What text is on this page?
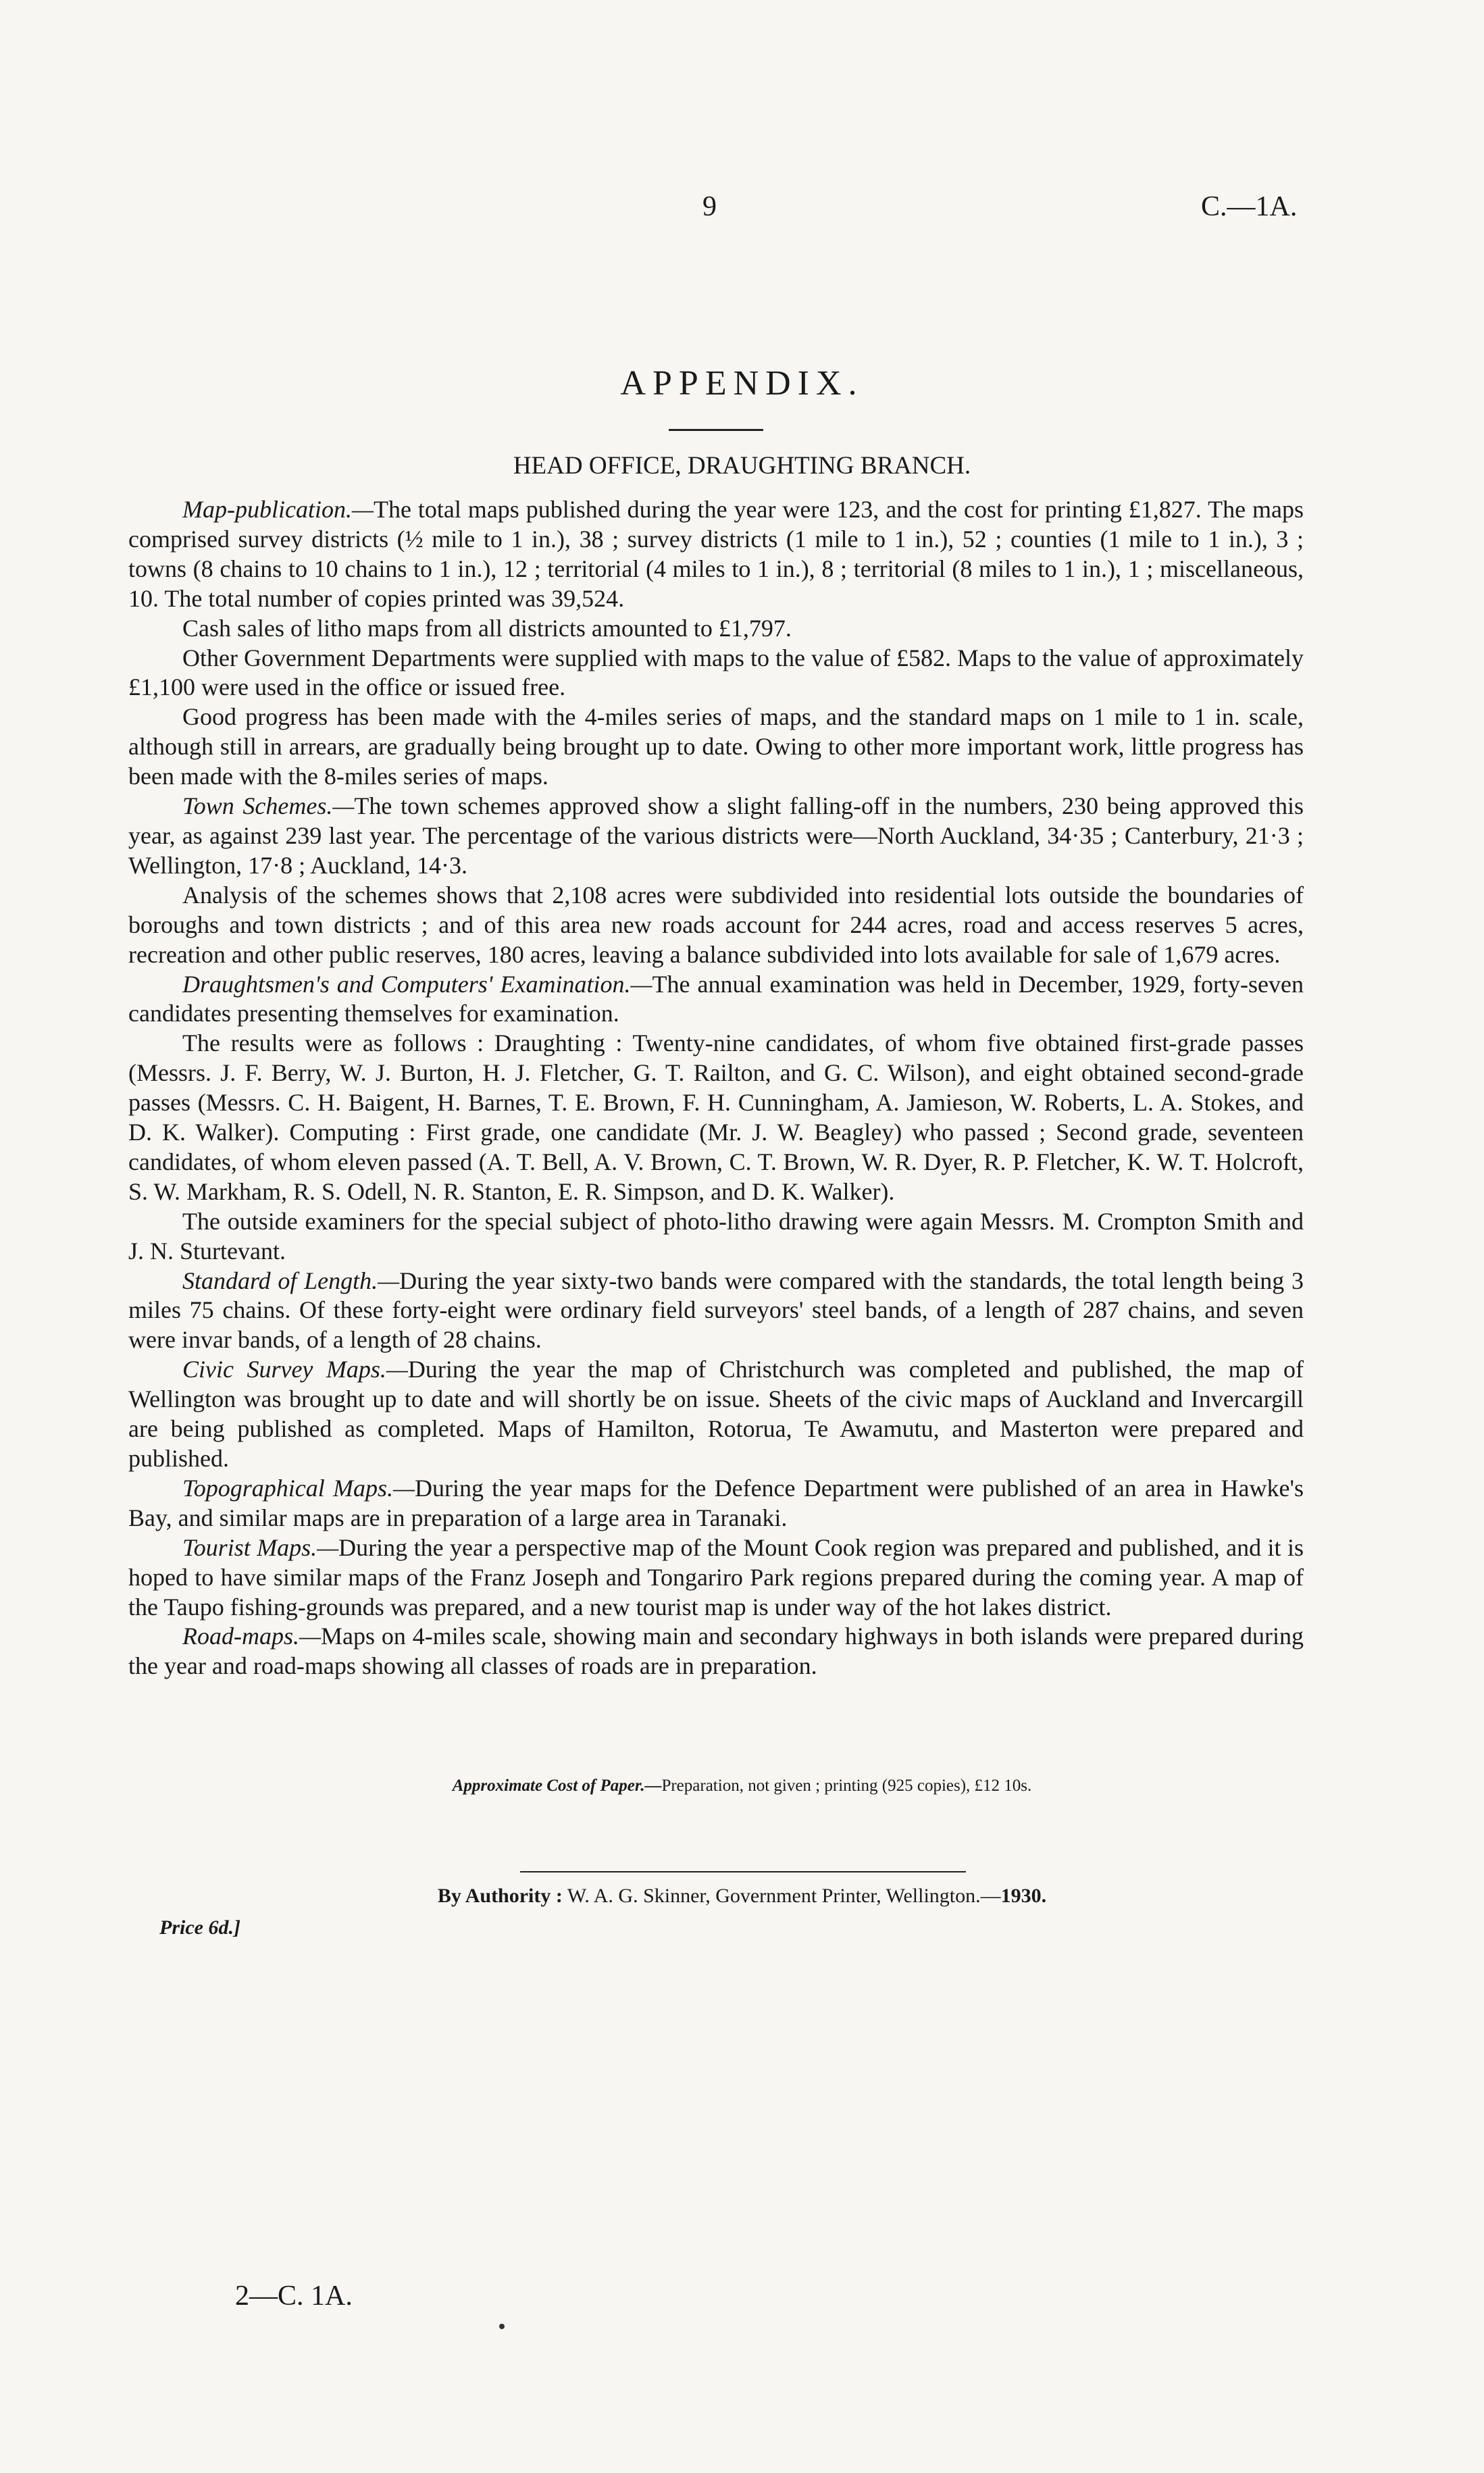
9	C.—1A.
APPENDIX.
HEAD OFFICE, DRAUGHTING BRANCH.

Map-publication.—The total maps published during the year were 123, and the cost for printing £1,827. The maps comprised survey districts (½ mile to 1 in.), 38 ; survey districts (1 mile to 1 in.), 52 ; counties (1 mile to 1 in.), 3 ; towns (8 chains to 10 chains to 1 in.), 12 ; territorial (4 miles to 1 in.), 8 ; territorial (8 miles to 1 in.), 1 ; miscellaneous, 10. The total number of copies printed was 39,524.

Cash sales of litho maps from all districts amounted to £1,797.

Other Government Departments were supplied with maps to the value of £582. Maps to the value of approximately £1,100 were used in the office or issued free.

Good progress has been made with the 4-miles series of maps, and the standard maps on 1 mile to 1 in. scale, although still in arrears, are gradually being brought up to date. Owing to other more important work, little progress has been made with the 8-miles series of maps.

Town Schemes.—The town schemes approved show a slight falling-off in the numbers, 230 being approved this year, as against 239 last year. The percentage of the various districts were—North Auckland, 34·35 ; Canterbury, 21·3 ; Wellington, 17·8 ; Auckland, 14·3.

Analysis of the schemes shows that 2,108 acres were subdivided into residential lots outside the boundaries of boroughs and town districts ; and of this area new roads account for 244 acres, road and access reserves 5 acres, recreation and other public reserves, 180 acres, leaving a balance subdivided into lots available for sale of 1,679 acres.

Draughtsmen's and Computers' Examination.—The annual examination was held in December, 1929, forty-seven candidates presenting themselves for examination.

The results were as follows : Draughting : Twenty-nine candidates, of whom five obtained first-grade passes (Messrs. J. F. Berry, W. J. Burton, H. J. Fletcher, G. T. Railton, and G. C. Wilson), and eight obtained second-grade passes (Messrs. C. H. Baigent, H. Barnes, T. E. Brown, F. H. Cunningham, A. Jamieson, W. Roberts, L. A. Stokes, and D. K. Walker). Computing : First grade, one candidate (Mr. J. W. Beagley) who passed ; Second grade, seventeen candidates, of whom eleven passed (A. T. Bell, A. V. Brown, C. T. Brown, W. R. Dyer, R. P. Fletcher, K. W. T. Holcroft, S. W. Markham, R. S. Odell, N. R. Stanton, E. R. Simpson, and D. K. Walker).

The outside examiners for the special subject of photo-litho drawing were again Messrs. M. Crompton Smith and J. N. Sturtevant.

Standard of Length.—During the year sixty-two bands were compared with the standards, the total length being 3 miles 75 chains. Of these forty-eight were ordinary field surveyors' steel bands, of a length of 287 chains, and seven were invar bands, of a length of 28 chains.

Civic Survey Maps.—During the year the map of Christchurch was completed and published, the map of Wellington was brought up to date and will shortly be on issue. Sheets of the civic maps of Auckland and Invercargill are being published as completed. Maps of Hamilton, Rotorua, Te Awamutu, and Masterton were prepared and published.

Topographical Maps.—During the year maps for the Defence Department were published of an area in Hawke's Bay, and similar maps are in preparation of a large area in Taranaki.

Tourist Maps.—During the year a perspective map of the Mount Cook region was prepared and published, and it is hoped to have similar maps of the Franz Joseph and Tongariro Park regions prepared during the coming year. A map of the Taupo fishing-grounds was prepared, and a new tourist map is under way of the hot lakes district.

Road-maps.—Maps on 4-miles scale, showing main and secondary highways in both islands were prepared during the year and road-maps showing all classes of roads are in preparation.

Approximate Cost of Paper.—Preparation, not given ; printing (925 copies), £12 10s.
By Authority : W. A. G. Skinner, Government Printer, Wellington.—1930.
Price 6d.]
2—C. 1A.
